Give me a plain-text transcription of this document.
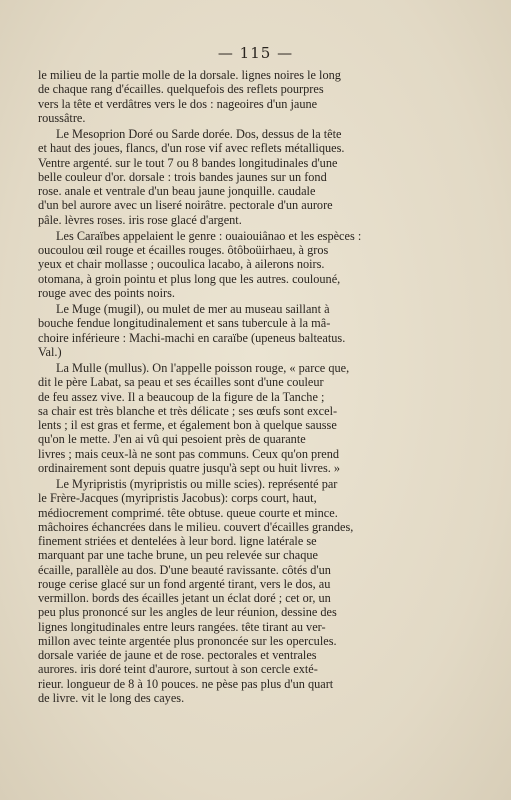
— 115 —
le milieu de la partie molle de la dorsale. lignes noires le long
de chaque rang d'écailles. quelquefois des reflets pourpres
vers la tête et verdâtres vers le dos : nageoires d'un jaune
roussâtre.
Le Mesoprion Doré ou Sarde dorée. Dos, dessus de la tête
et haut des joues, flancs, d'un rose vif avec reflets métalliques.
Ventre argenté. sur le tout 7 ou 8 bandes longitudinales d'une
belle couleur d'or. dorsale : trois bandes jaunes sur un fond
rose. anale et ventrale d'un beau jaune jonquille. caudale
d'un bel aurore avec un liseré noirâtre. pectorale d'un aurore
pâle. lèvres roses. iris rose glacé d'argent.
Les Caraïbes appelaient le genre : ouaiouiânao et les espèces :
oucoulou œil rouge et écailles rouges. ôtôboüirhaeu, à gros
yeux et chair mollasse ; oucoulica lacabo, à ailerons noirs.
otomana, à groin pointu et plus long que les autres. coulouné,
rouge avec des points noirs.
Le Muge (mugil), ou mulet de mer au museau saillant à
bouche fendue longitudinalement et sans tubercule à la mâ-
choire inférieure : Machi-machi en caraïbe (upeneus balteatus.
Val.)
La Mulle (mullus). On l'appelle poisson rouge, « parce que,
dit le père Labat, sa peau et ses écailles sont d'une couleur
de feu assez vive. Il a beaucoup de la figure de la Tanche ;
sa chair est très blanche et très délicate ; ses œufs sont excel-
lents ; il est gras et ferme, et également bon à quelque sausse
qu'on le mette. J'en ai vû qui pesoient près de quarante
livres ; mais ceux-là ne sont pas communs. Ceux qu'on prend
ordinairement sont depuis quatre jusqu'à sept ou huit livres. »
Le Myripristis (myripristis ou mille scies). représenté par
le Frère-Jacques (myripristis Jacobus): corps court, haut,
médiocrement comprimé. tête obtuse. queue courte et mince.
mâchoires échancrées dans le milieu. couvert d'écailles grandes,
finement striées et dentelées à leur bord. ligne latérale se
marquant par une tache brune, un peu relevée sur chaque
écaille, parallèle au dos. D'une beauté ravissante. côtés d'un
rouge cerise glacé sur un fond argenté tirant, vers le dos, au
vermillon. bords des écailles jetant un éclat doré ; cet or, un
peu plus prononcé sur les angles de leur réunion, dessine des
lignes longitudinales entre leurs rangées. tête tirant au ver-
millon avec teinte argentée plus prononcée sur les opercules.
dorsale variée de jaune et de rose. pectorales et ventrales
aurores. iris doré teint d'aurore, surtout à son cercle exté-
rieur. longueur de 8 à 10 pouces. ne pèse pas plus d'un quart
de livre. vit le long des cayes.
